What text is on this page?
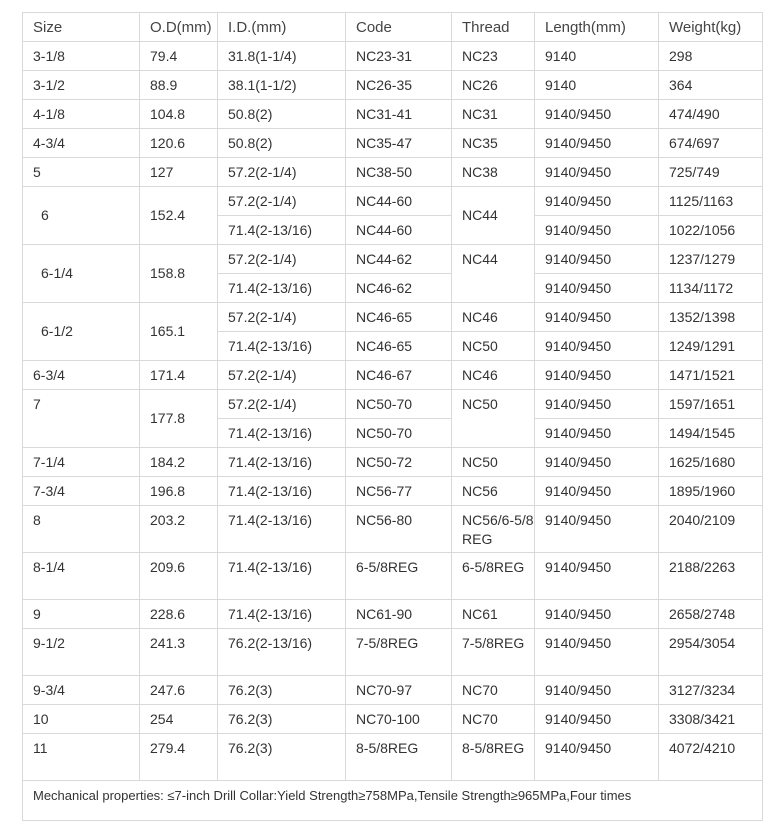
Size	O.D(mm)	I.D.(mm)	Code	Thread	Length(mm)	Weight(kg)
3-1/8	79.4	31.8(1-1/4)	NC23-31	NC23	9140	298
3-1/2	88.9	38.1(1-1/2)	NC26-35	NC26	9140	364
4-1/8	104.8	50.8(2)	NC31-41	NC31	9140/9450	474/490
4-3/4	120.6	50.8(2)	NC35-47	NC35	9140/9450	674/697
5	127	57.2(2-1/4)	NC38-50	NC38	9140/9450	725/749
6	152.4	57.2(2-1/4)	NC44-60	NC44	9140/9450	1125/1163
		71.4(2-13/16)	NC44-60		9140/9450	1022/1056
6-1/4	158.8	57.2(2-1/4)	NC44-62	NC44	9140/9450	1237/1279
		71.4(2-13/16)	NC46-62		9140/9450	1134/1172
6-1/2	165.1	57.2(2-1/4)	NC46-65	NC46	9140/9450	1352/1398
		71.4(2-13/16)	NC46-65	NC50	9140/9450	1249/1291
6-3/4	171.4	57.2(2-1/4)	NC46-67	NC46	9140/9450	1471/1521
7	177.8	57.2(2-1/4)	NC50-70	NC50	9140/9450	1597/1651
		71.4(2-13/16)	NC50-70		9140/9450	1494/1545
7-1/4	184.2	71.4(2-13/16)	NC50-72	NC50	9140/9450	1625/1680
7-3/4	196.8	71.4(2-13/16)	NC56-77	NC56	9140/9450	1895/1960
8	203.2	71.4(2-13/16)	NC56-80	NC56/6-5/8REG	9140/9450	2040/2109
8-1/4	209.6	71.4(2-13/16)	6-5/8REG	6-5/8REG	9140/9450	2188/2263
9	228.6	71.4(2-13/16)	NC61-90	NC61	9140/9450	2658/2748
9-1/2	241.3	76.2(2-13/16)	7-5/8REG	7-5/8REG	9140/9450	2954/3054
9-3/4	247.6	76.2(3)	NC70-97	NC70	9140/9450	3127/3234
10	254	76.2(3)	NC70-100	NC70	9140/9450	3308/3421
11	279.4	76.2(3)	8-5/8REG	8-5/8REG	9140/9450	4072/4210
Mechanical properties: ≤7-inch Drill Collar:Yield Strength≥758MPa,Tensile Strength≥965MPa,Four times						
